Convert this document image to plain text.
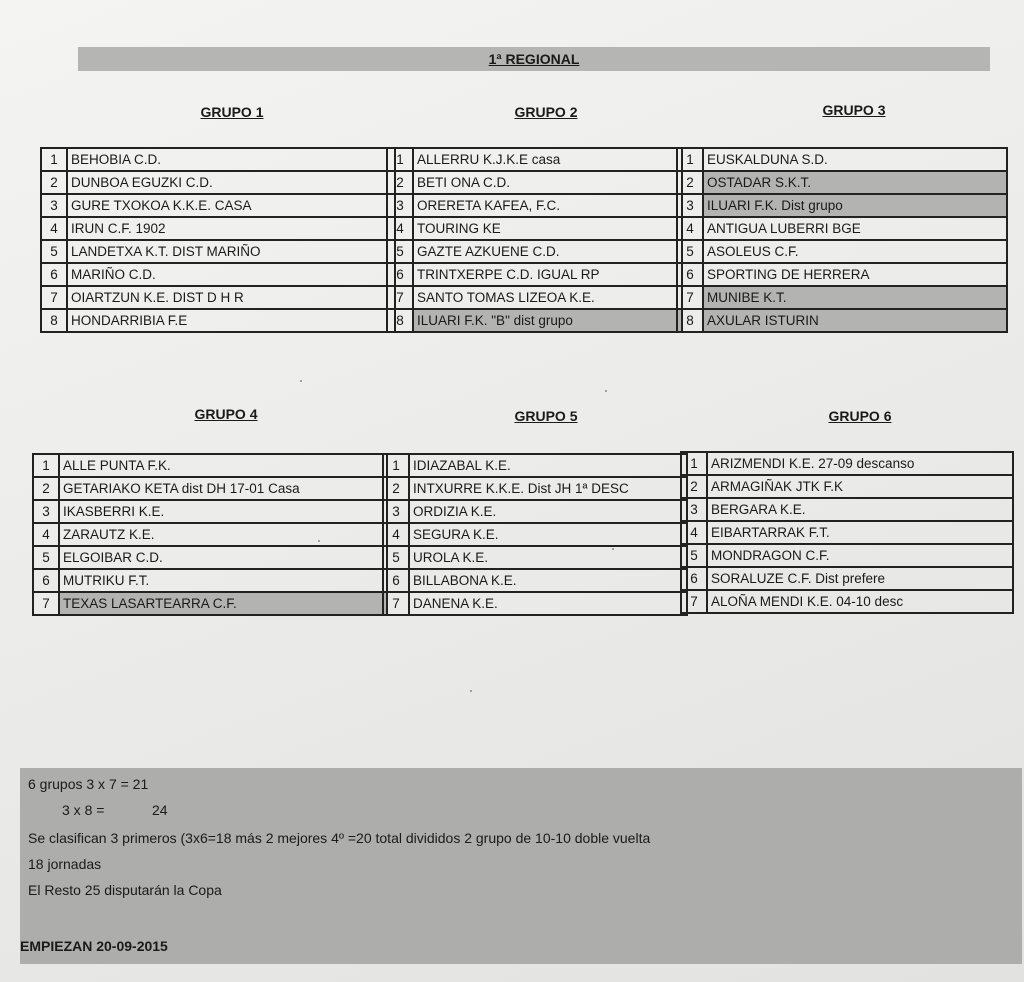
1ª REGIONAL
GRUPO 1	GRUPO 2	GRUPO 3
GRUPO 4	GRUPO 5	GRUPO 6
1	BEHOBIA C.D.
2	DUNBOA EGUZKI C.D.
3	GURE TXOKOA K.K.E. CASA
4	IRUN C.F. 1902
5	LANDETXA K.T. DIST MARIÑO
6	MARIÑO C.D.
7	OIARTZUN K.E. DIST D H R
8	HONDARRIBIA F.E
1	ALLERRU K.J.K.E casa
2	BETI ONA C.D.
3	ORERETA KAFEA, F.C.
4	TOURING KE
5	GAZTE AZKUENE C.D.
6	TRINTXERPE C.D. IGUAL RP
7	SANTO TOMAS LIZEOA K.E.
8	ILUARI F.K. "B" dist grupo
1	EUSKALDUNA S.D.
2	OSTADAR S.K.T.
3	ILUARI F.K. Dist grupo
4	ANTIGUA LUBERRI BGE
5	ASOLEUS C.F.
6	SPORTING DE HERRERA
7	MUNIBE K.T.
8	AXULAR ISTURIN
1	ALLE PUNTA F.K.
2	GETARIAKO KETA dist DH 17-01 Casa
3	IKASBERRI K.E.
4	ZARAUTZ K.E.
5	ELGOIBAR C.D.
6	MUTRIKU F.T.
7	TEXAS LASARTEARRA C.F.
1	IDIAZABAL K.E.
2	INTXURRE K.K.E. Dist JH 1ª DESC
3	ORDIZIA K.E.
4	SEGURA K.E.
5	UROLA K.E.
6	BILLABONA K.E.
7	DANENA K.E.
1	ARIZMENDI K.E. 27-09 descanso
2	ARMAGIÑAK JTK F.K
3	BERGARA K.E.
4	EIBARTARRAK F.T.
5	MONDRAGON C.F.
6	SORALUZE C.F. Dist prefere
7	ALOÑA MENDI K.E. 04-10 desc
6 grupos 3 x 7 = 21
3 x 8 =	24
Se clasifican 3 primeros (3x6=18 más 2 mejores 4º =20 total divididos 2 grupo de 10-10 doble vuelta
18 jornadas
El Resto 25 disputarán la Copa
EMPIEZAN 20-09-2015
